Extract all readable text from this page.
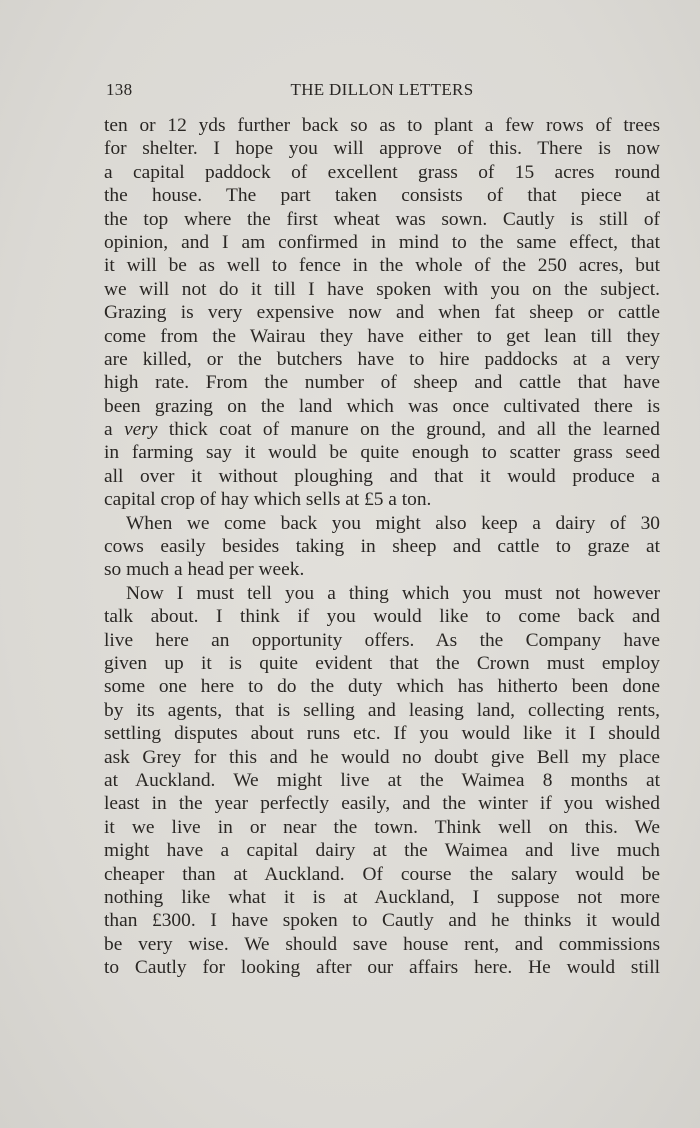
138	THE DILLON LETTERS
ten or 12 yds further back so as to plant a few rows of trees
for shelter. I hope you will approve of this. There is now
a capital paddock of excellent grass of 15 acres round
the house. The part taken consists of that piece at
the top where the first wheat was sown. Cautly is still of
opinion, and I am confirmed in mind to the same effect, that
it will be as well to fence in the whole of the 250 acres, but
we will not do it till I have spoken with you on the subject.
Grazing is very expensive now and when fat sheep or cattle
come from the Wairau they have either to get lean till they
are killed, or the butchers have to hire paddocks at a very
high rate. From the number of sheep and cattle that have
been grazing on the land which was once cultivated there is
a very thick coat of manure on the ground, and all the learned
in farming say it would be quite enough to scatter grass seed
all over it without ploughing and that it would produce a
capital crop of hay which sells at £5 a ton.
When we come back you might also keep a dairy of 30
cows easily besides taking in sheep and cattle to graze at
so much a head per week.
Now I must tell you a thing which you must not however
talk about. I think if you would like to come back and
live here an opportunity offers. As the Company have
given up it is quite evident that the Crown must employ
some one here to do the duty which has hitherto been done
by its agents, that is selling and leasing land, collecting rents,
settling disputes about runs etc. If you would like it I should
ask Grey for this and he would no doubt give Bell my place
at Auckland. We might live at the Waimea 8 months at
least in the year perfectly easily, and the winter if you wished
it we live in or near the town. Think well on this. We
might have a capital dairy at the Waimea and live much
cheaper than at Auckland. Of course the salary would be
nothing like what it is at Auckland, I suppose not more
than £300. I have spoken to Cautly and he thinks it would
be very wise. We should save house rent, and commissions
to Cautly for looking after our affairs here. He would still
